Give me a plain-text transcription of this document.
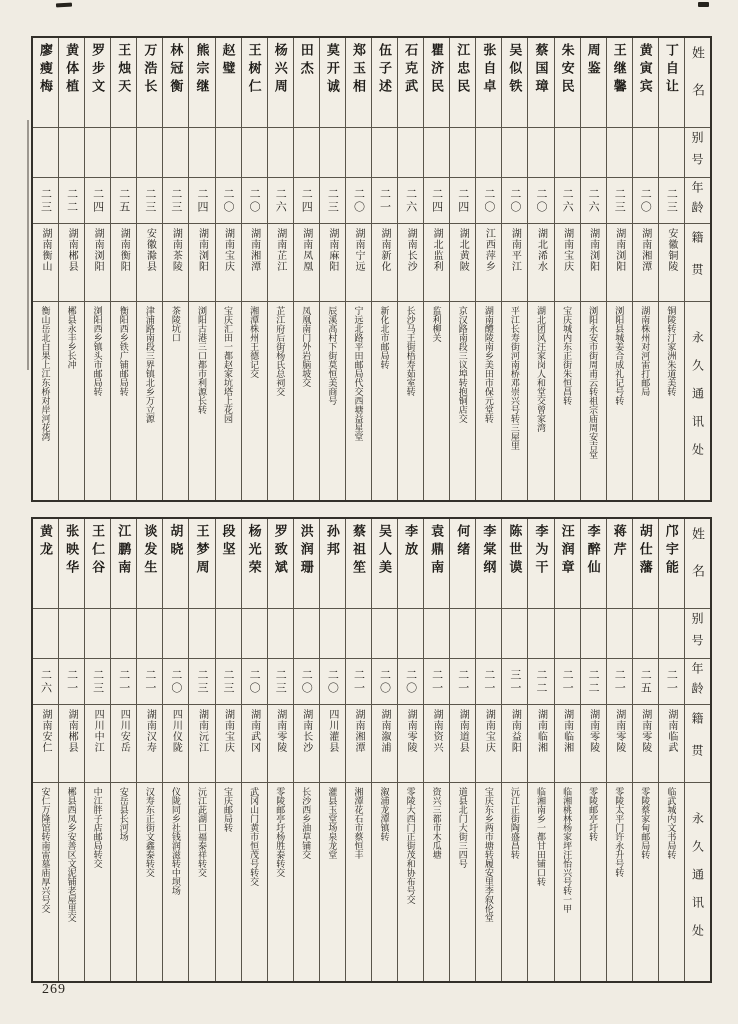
姓名
别号
年龄
籍贯
永久通讯处
丁自让
二三
安徽铜陵
铜陵转汀家洲朱道美转
黄寅宾
二〇
湖南湘潭
湖南株州对河雷打邮局
王继馨
二三
湖南浏阳
浏阳县城姜合成礼记号转
周鉴
二六
湖南浏阳
浏阳永安市街周甫云转祖宗庙周安吉堂
朱安民
二六
湖南宝庆
宝庆城内东正街朱恒昌转
蔡国璋
二〇
湖北浠水
湖北团风汪家岗人和堂交曾家湾
吴似铁
二〇
湖南平江
平江长寿街河南桥邓崇兴号转三屋里
张自卓
二〇
江西萍乡
湖南醴陵南乡美田市保元堂转
江忠民
二四
湖北黄陂
京汉路南段三议埠转抱铜店交
瞿济民
二四
湖北监利
监利柳关
石克武
二六
湖南长沙
长沙马王街梧寿茹室转
伍子述
二一
湖南新化
新化北市邮局转
郑玉相
二〇
湖南宁远
宁远北路平田邮局代交西塘益星堂
莫开诚
二三
湖南麻阳
辰溪高村下街莫恒美商号
田杰
二四
湖南凤凰
凤凰南门外岩脑坡交
杨兴周
二六
湖南芷江
芷江府后街杨氏总祠交
王树仁
二〇
湖南湘潭
湘潭株州王德记交
赵璧
二〇
湖南宝庆
宝庆汇田一都赵家坑塔上花园
熊宗继
二四
湖南浏阳
浏阳古港三口都市利源长转
林冠衡
二三
湖南茶陵
茶陵坑口
万浩长
二三
安徽滁县
津浦路南段三界镇北乡万立源
王烛天
二五
湖南衡阳
衡阳西乡铁广铺邮局转
罗步文
二四
湖南浏阳
浏阳西乡镇头市邮局转
黄体植
二二
湖南郴县
郴县永丰乡长冲
廖瘦梅
二三
湖南衡山
衡山岳北白果上江东桥对岸河花湾
姓名
别号
年龄
籍贯
永久通讯处
邝宇能
二一
湖南临武
临武城内文书局转
胡仕藩
二五
湖南零陵
零陵蔡家甸邮局转
蒋芹
二一
湖南零陵
零陵太平门许永升号转
李醉仙
二二
湖南零陵
零陵邮亭圩转
汪润章
二一
湖南临湘
临湘桃林杨家坪汪怡兴号转一甲
李为干
二二
湖南临湘
临湘南乡一都甘田铺口转
陈世谟
三一
湖南益阳
沅江正街陶盛昌转
李棠纲
二一
湖南宝庆
宝庆东乡两市塘转履安里李叙伦堂
何绪
二一
湖南道县
道县北门大街三四号
袁鼎南
二一
湖南资兴
资兴三都市木瓜塘
李放
二〇
湖南零陵
零陵大西门正街茂和协布号交
吴人美
二〇
湖南溆浦
溆浦龙潭镇转
蔡祖笙
二一
湖南湘潭
湘潭花石市蔡恒丰
孙邦
二〇
四川灌县
灌县玉堂场泉龙堂
洪润珊
二〇
湖南长沙
长沙西乡油草铺交
罗致斌
二三
湖南零陵
零陵邮亭圩杨胜泰转交
杨光荣
二〇
湖南武冈
武冈山门黄市恒茂号转交
段坚
二三
湖南宝庆
宝庆邮局转
王梦周
二三
湖南沅江
沅江茈湖口福泰祥转交
胡晓
二〇
四川仪陇
仪陇同乡社钱润滋转中坝场
谈发生
二一
湖南汉寿
汉寿东正街文鑫泰转交
江鹏南
二一
四川安岳
安岳县长河场
王仁谷
二三
四川中江
中江胖子店邮局转交
张映华
二一
湖南郴县
郴县西凤乡安善区文泥铺老屋里交
黄龙
二六
湖南安仁
安仁万隆馆转南雷墓庙厚兴号交
269
